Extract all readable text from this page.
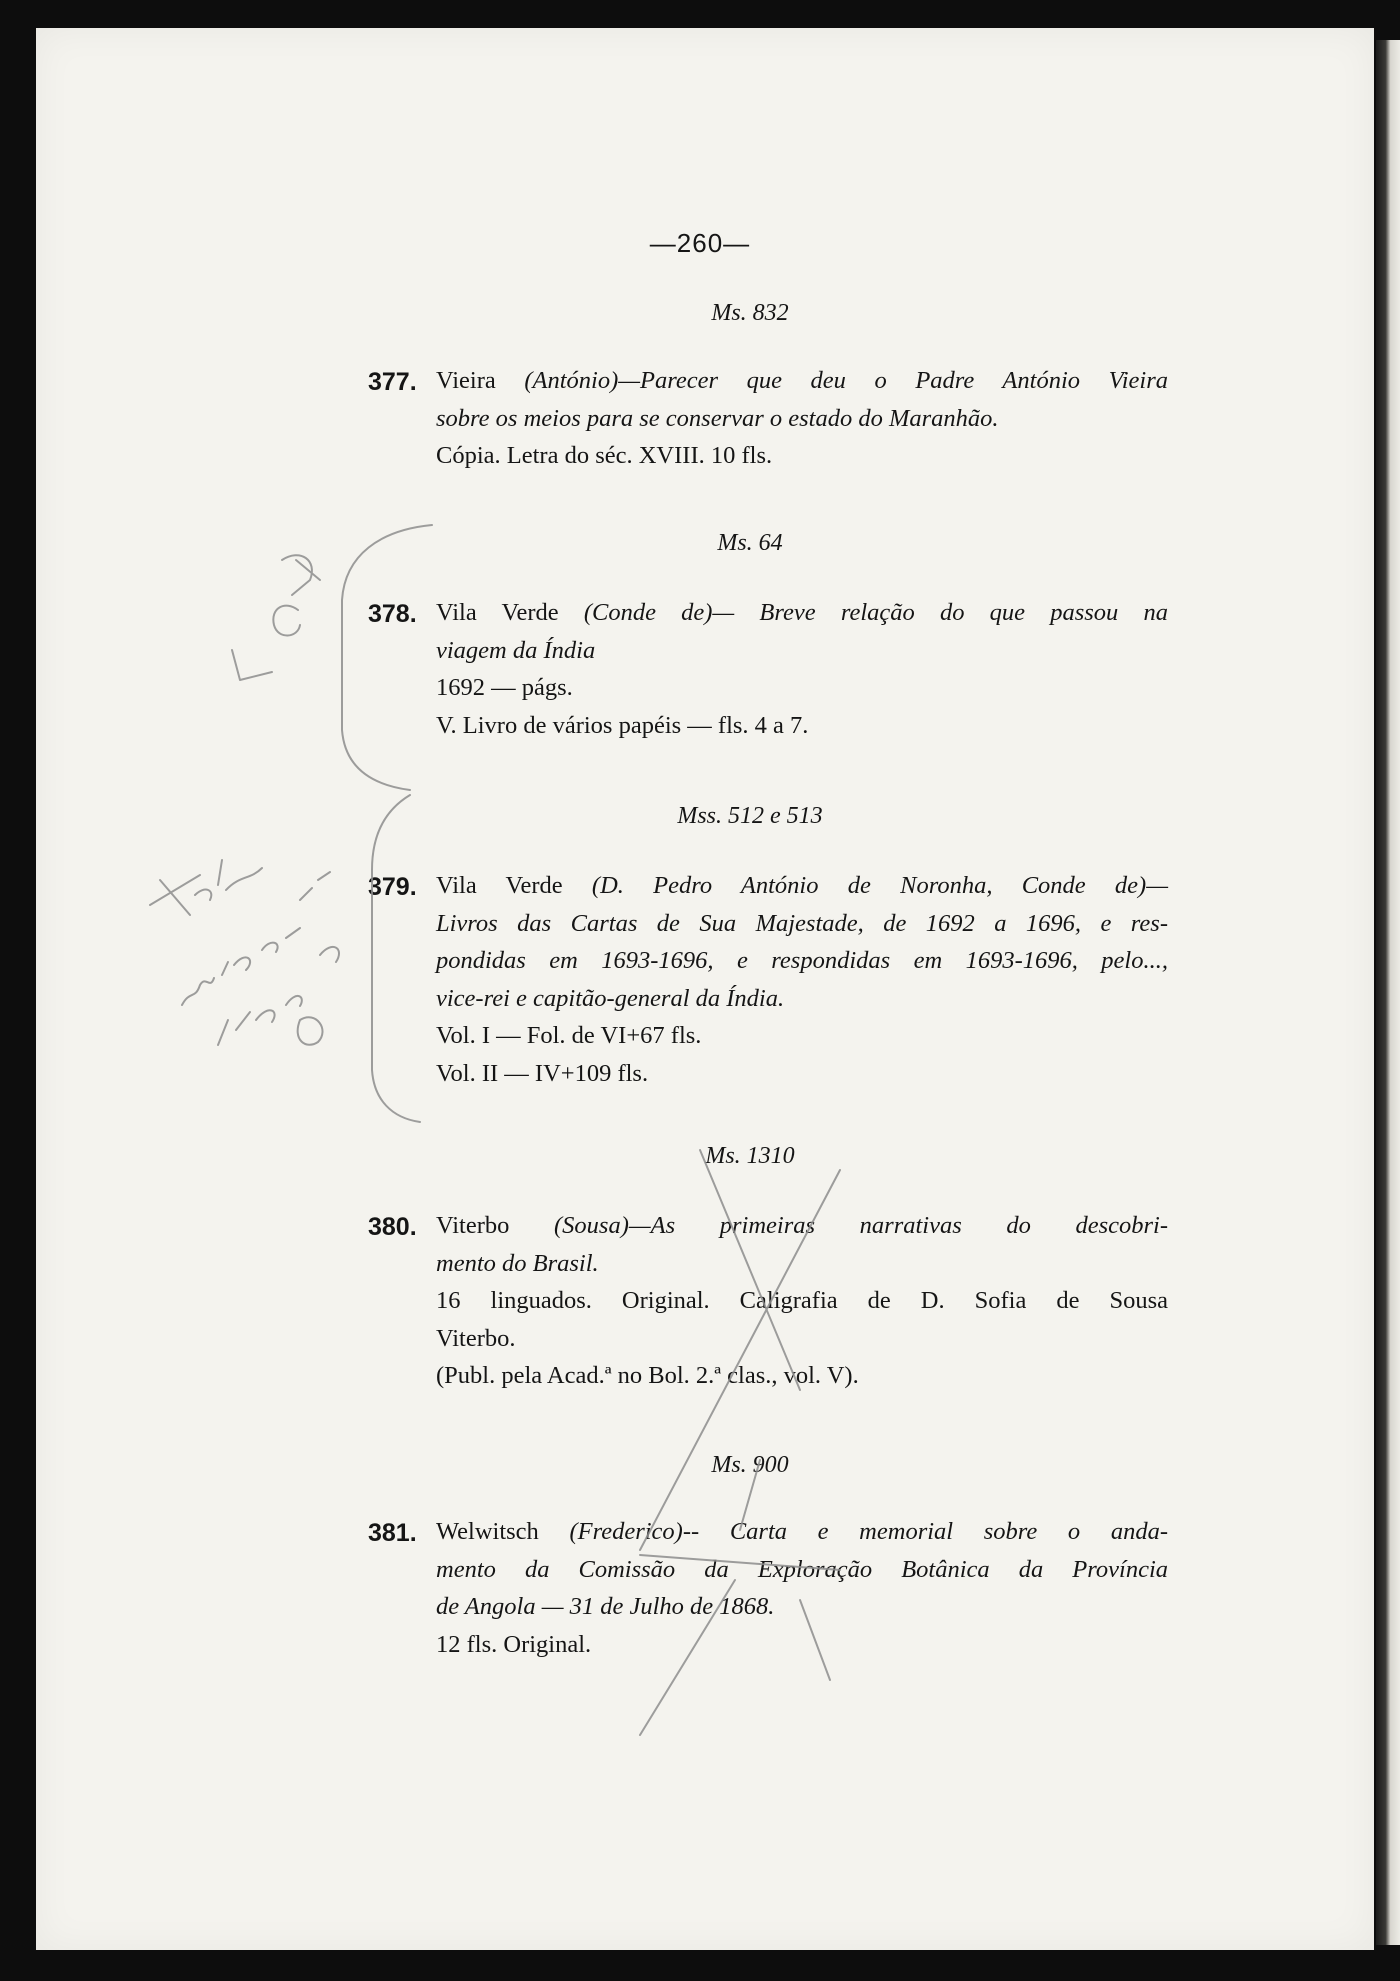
—260—
Ms. 832
377. Vieira (António)—Parecer que deu o Padre António Vieira
sobre os meios para se conservar o estado do Maranhão.
Cópia. Letra do séc. XVIII. 10 fls.
Ms. 64
378. Vila Verde (Conde de)— Breve relação do que passou na
viagem da Índia
1692 — págs.
V. Livro de vários papéis — fls. 4 a 7.
Mss. 512 e 513
379. Vila Verde (D. Pedro António de Noronha, Conde de)—
Livros das Cartas de Sua Majestade, de 1692 a 1696, e res-
pondidas em 1693-1696, e respondidas em 1693-1696, pelo...,
vice-rei e capitão-general da Índia.
Vol. I — Fol. de VI+67 fls.
Vol. II — IV+109 fls.
Ms. 1310
380. Viterbo (Sousa)—As primeiras narrativas do descobri-
mento do Brasil.
16 linguados. Original. Caligrafia de D. Sofia de Sousa
Viterbo.
(Publ. pela Acad.ª no Bol. 2.ª clas., vol. V).
Ms. 900
381. Welwitsch (Frederico)-- Carta e memorial sobre o anda-
mento da Comissão da Exploração Botânica da Província
de Angola — 31 de Julho de 1868.
12 fls. Original.
